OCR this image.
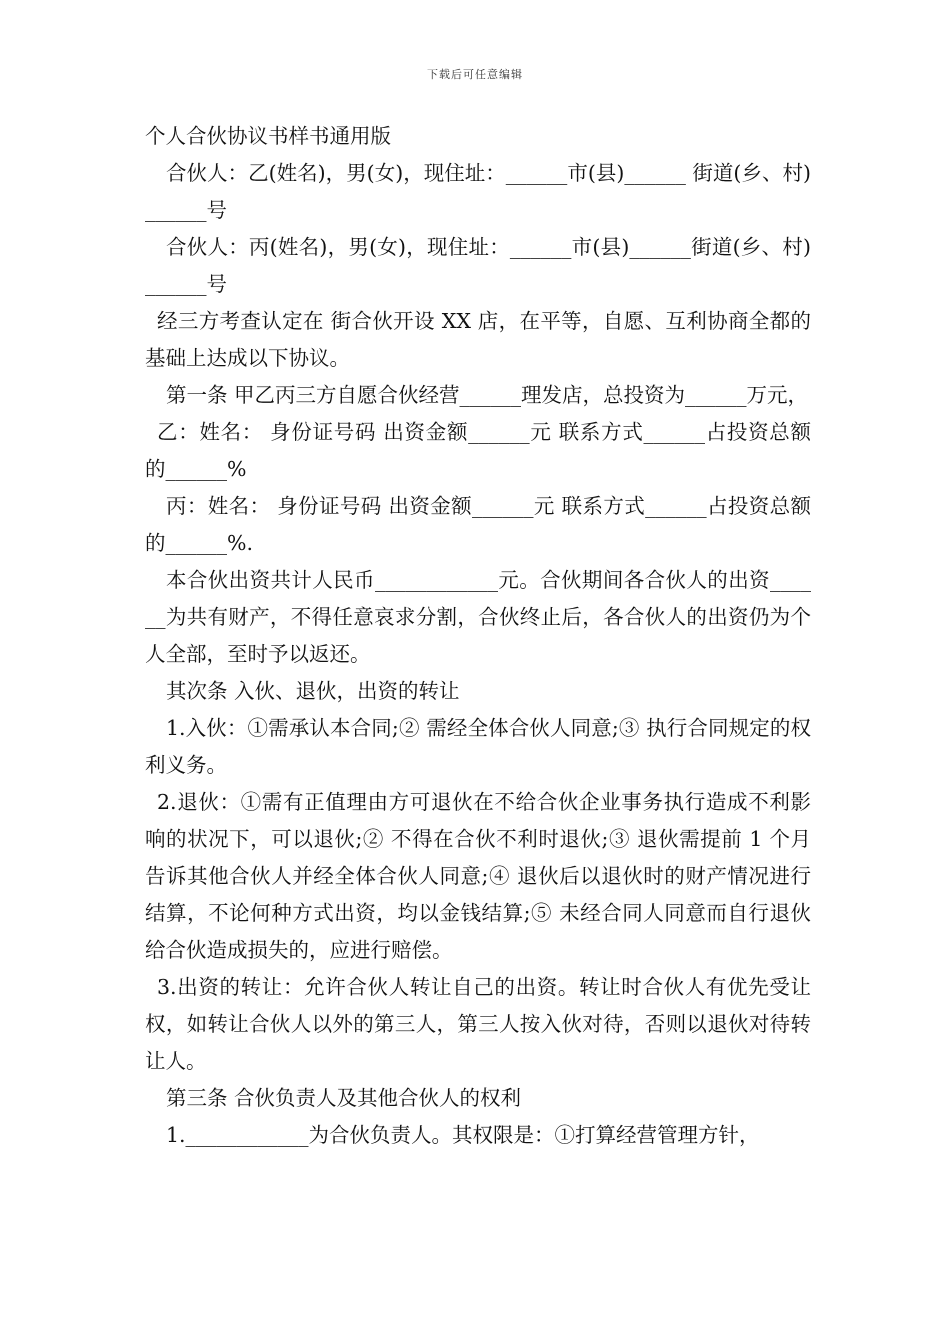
下载后可任意编辑

个人合伙协议书样书通用版

合伙人：乙(姓名)，男(女)，现住址：______市(县)______ 街道(乡、村)______号

合伙人：丙(姓名)，男(女)，现住址：______市(县)______街道(乡、村)______号

经三方考查认定在 街合伙开设 XX 店，在平等，自愿、互利协商全都的基础上达成以下协议。

第一条 甲乙丙三方自愿合伙经营______理发店，总投资为______万元，

乙：姓名： 身份证号码 出资金额______元 联系方式______占投资总额的______%

丙：姓名： 身份证号码 出资金额______元 联系方式______占投资总额的______%.

本合伙出资共计人民币____________元。合伙期间各合伙人的出资______为共有财产，不得任意哀求分割，合伙终止后，各合伙人的出资仍为个人全部，至时予以返还。

其次条 入伙、退伙，出资的转让

1.入伙：①需承认本合同;② 需经全体合伙人同意;③ 执行合同规定的权利义务。

2.退伙：①需有正值理由方可退伙在不给合伙企业事务执行造成不利影响的状况下，可以退伙;② 不得在合伙不利时退伙;③ 退伙需提前 1 个月告诉其他合伙人并经全体合伙人同意;④ 退伙后以退伙时的财产情况进行结算，不论何种方式出资，均以金钱结算;⑤ 未经合同人同意而自行退伙给合伙造成损失的，应进行赔偿。

3.出资的转让：允许合伙人转让自己的出资。转让时合伙人有优先受让权，如转让合伙人以外的第三人，第三人按入伙对待，否则以退伙对待转让人。

第三条 合伙负责人及其他合伙人的权利

1.____________为合伙负责人。其权限是：①打算经营管理方针，
